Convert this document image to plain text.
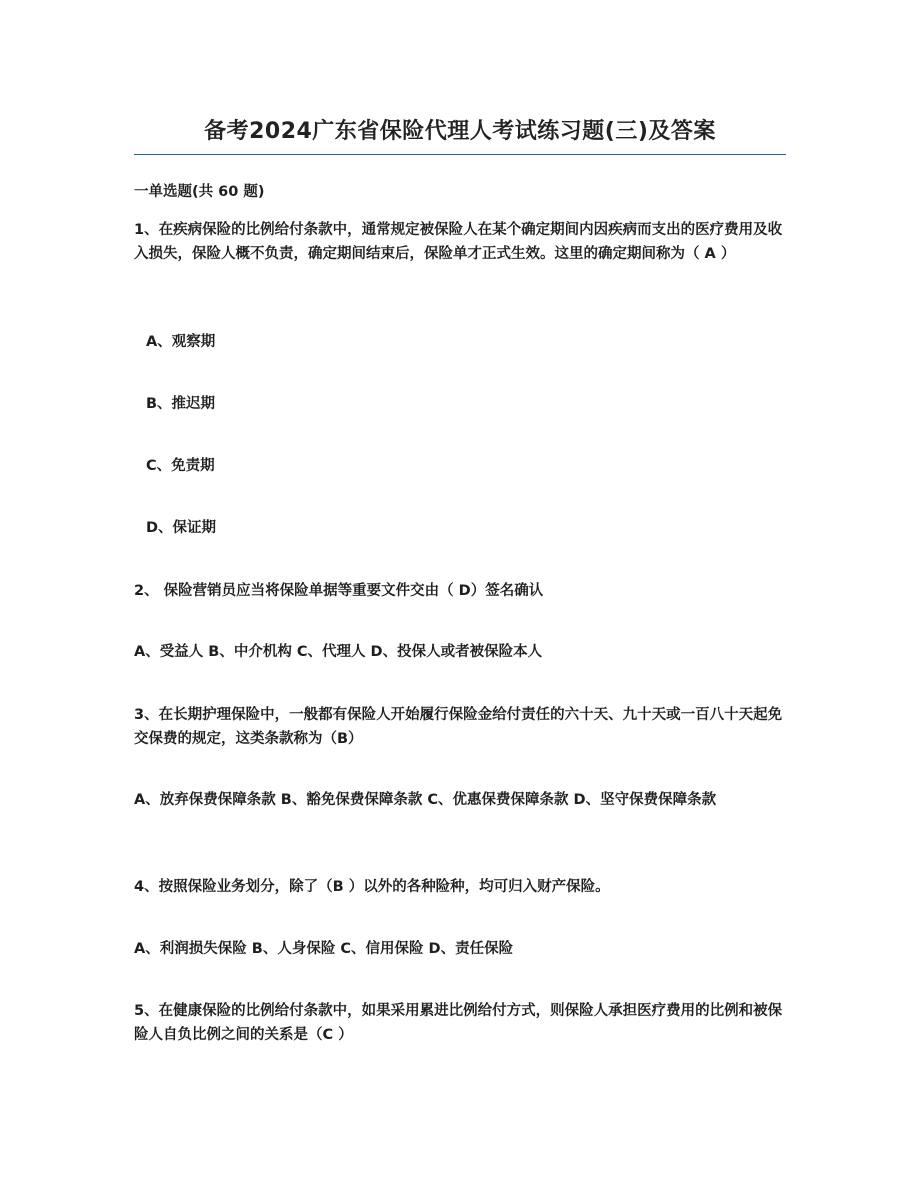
备考2024广东省保险代理人考试练习题(三)及答案
一单选题(共 60 题)
1、在疾病保险的比例给付条款中，通常规定被保险人在某个确定期间内因疾病而支出的医疗费用及收入损失，保险人概不负责，确定期间结束后，保险单才正式生效。这里的确定期间称为（ A ）
A、观察期
B、推迟期
C、免责期
D、保证期
2、 保险营销员应当将保险单据等重要文件交由（ D）签名确认
A、受益人 B、中介机构 C、代理人 D、投保人或者被保险本人
3、在长期护理保险中，一般都有保险人开始履行保险金给付责任的六十天、九十天或一百八十天起免交保费的规定，这类条款称为（B）
A、放弃保费保障条款 B、豁免保费保障条款 C、优惠保费保障条款 D、坚守保费保障条款
4、按照保险业务划分，除了（B ）以外的各种险种，均可归入财产保险。
A、利润损失保险 B、人身保险 C、信用保险 D、责任保险
5、在健康保险的比例给付条款中，如果采用累进比例给付方式，则保险人承担医疗费用的比例和被保险人自负比例之间的关系是（C ）
